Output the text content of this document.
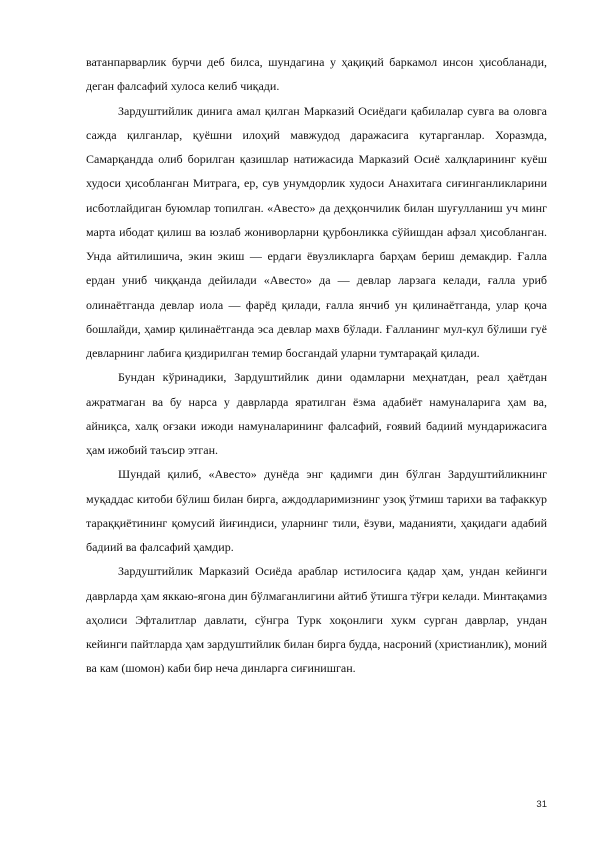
ватанпарварлик бурчи деб билса, шундагина у ҳақиқий баркамол инсон ҳисобланади, деган фалсафий хулоса келиб чиқади.

Зардуштийлик динига амал қилган Марказий Осиёдаги қабилалар сувга ва оловга сажда қилганлар, қуёшни илоҳий мавжудод даражасига кутарганлар. Хоразмда, Самарқандда олиб борилган қазишлар натижасида Марказий Осиё халқларининг куёш худоси ҳисобланган Митрага, ер, сув унумдорлик худоси Анахитага сиғинганликларини исботлайдиган буюмлар топилган. «Авесто» да деҳқончилик билан шуғулланиш уч минг марта ибодат қилиш ва юзлаб жониворларни қурбонликка сўйишдан афзал ҳисобланган. Унда айтилишича, экин экиш — ердаги ёвузликларга барҳам бериш демакдир. Ғалла ердан униб чиққанда дейилади «Авесто» да — девлар ларзага келади, ғалла уриб олинаётганда девлар иола — фарёд қилади, ғалла янчиб ун қилинаётганда, улар қоча бошлайди, ҳамир қилинаётганда эса девлар махв бўлади. Ғалланинг мул-кул бўлиши гуё девларнинг лабига қиздирилган темир босгандай уларни тумтарақай қилади.

Бундан кўринадики, Зардуштийлик дини одамларни меҳнатдан, реал ҳаётдан ажратмаган ва бу нарса у даврларда яратилган ёзма адабиёт намуналарига ҳам ва, айниқса, халқ оғзаки ижоди намуналарининг фалсафий, ғоявий бадиий мундарижасига ҳам ижобий таъсир этган.

Шундай қилиб, «Авесто» дунёда энг қадимги дин бўлган Зардуштийликнинг муқаддас китоби бўлиш билан бирга, аждодларимизнинг узоқ ўтмиш тарихи ва тафаккур тараққиётининг қомусий йиғиндиси, уларнинг тили, ёзуви, маданияти, ҳақидаги адабий бадиий ва фалсафий ҳамдир.

Зардуштийлик Марказий Осиёда араблар истилосига қадар ҳам, ундан кейинги даврларда ҳам яккаю-ягона дин бўлмаганлигини айтиб ўтишга тўғри келади. Минтақамиз аҳолиси Эфталитлар давлати, сўнгра Турк хоқонлиги хукм сурган даврлар, ундан кейинги пайтларда ҳам зардуштийлик билан бирга будда, насроний (христианлик), моний ва кам (шомон) каби бир неча динларга сиғинишган.

31
